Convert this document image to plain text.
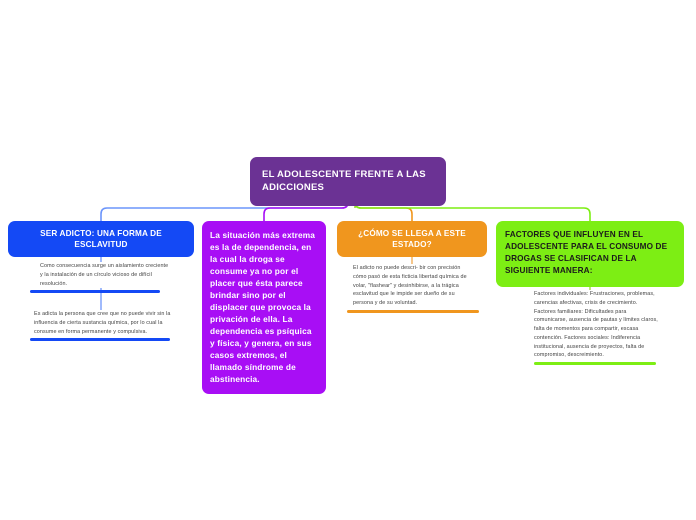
EL ADOLESCENTE FRENTE A LAS ADICCIONES
SER ADICTO: UNA FORMA DE ESCLAVITUD
La situación más extrema es la de dependencia, en la cual la droga se consume ya no por el placer que ésta parece brindar sino por el displacer que provoca la privación de ella. La dependencia es psíquica y física, y genera, en sus casos extremos, el llamado síndrome de abstinencia.
¿CÓMO SE LLEGA A ESTE ESTADO?
FACTORES QUE INFLUYEN EN EL ADOLESCENTE PARA EL CONSUMO DE DROGAS SE CLASIFICAN DE LA SIGUIENTE MANERA:
Como consecuencia surge un aislamiento creciente y la instalación de un círculo vicioso de difícil resolución.
Es adicta la persona que cree que no puede vivir sin la influencia de cierta sustancia química, por lo cual la consume en forma permanente y compulsiva.
El adicto no puede descri- bir con precisión cómo pasó de esta ficticia libertad química de volar, "flashear" y desinhibirse, a la trágica esclavitud que le impide ser dueño de su persona y de su voluntad.
Factores individuales: Frustraciones, problemas, carencias afectivas, crisis de crecimiento. Factores familiares: Dificultades para comunicarse, ausencia de pautas y límites claros, falta de momentos para compartir, escasa contención. Factores sociales: Indiferencia institucional, ausencia de proyectos, falta de compromiso, descreimiento.
